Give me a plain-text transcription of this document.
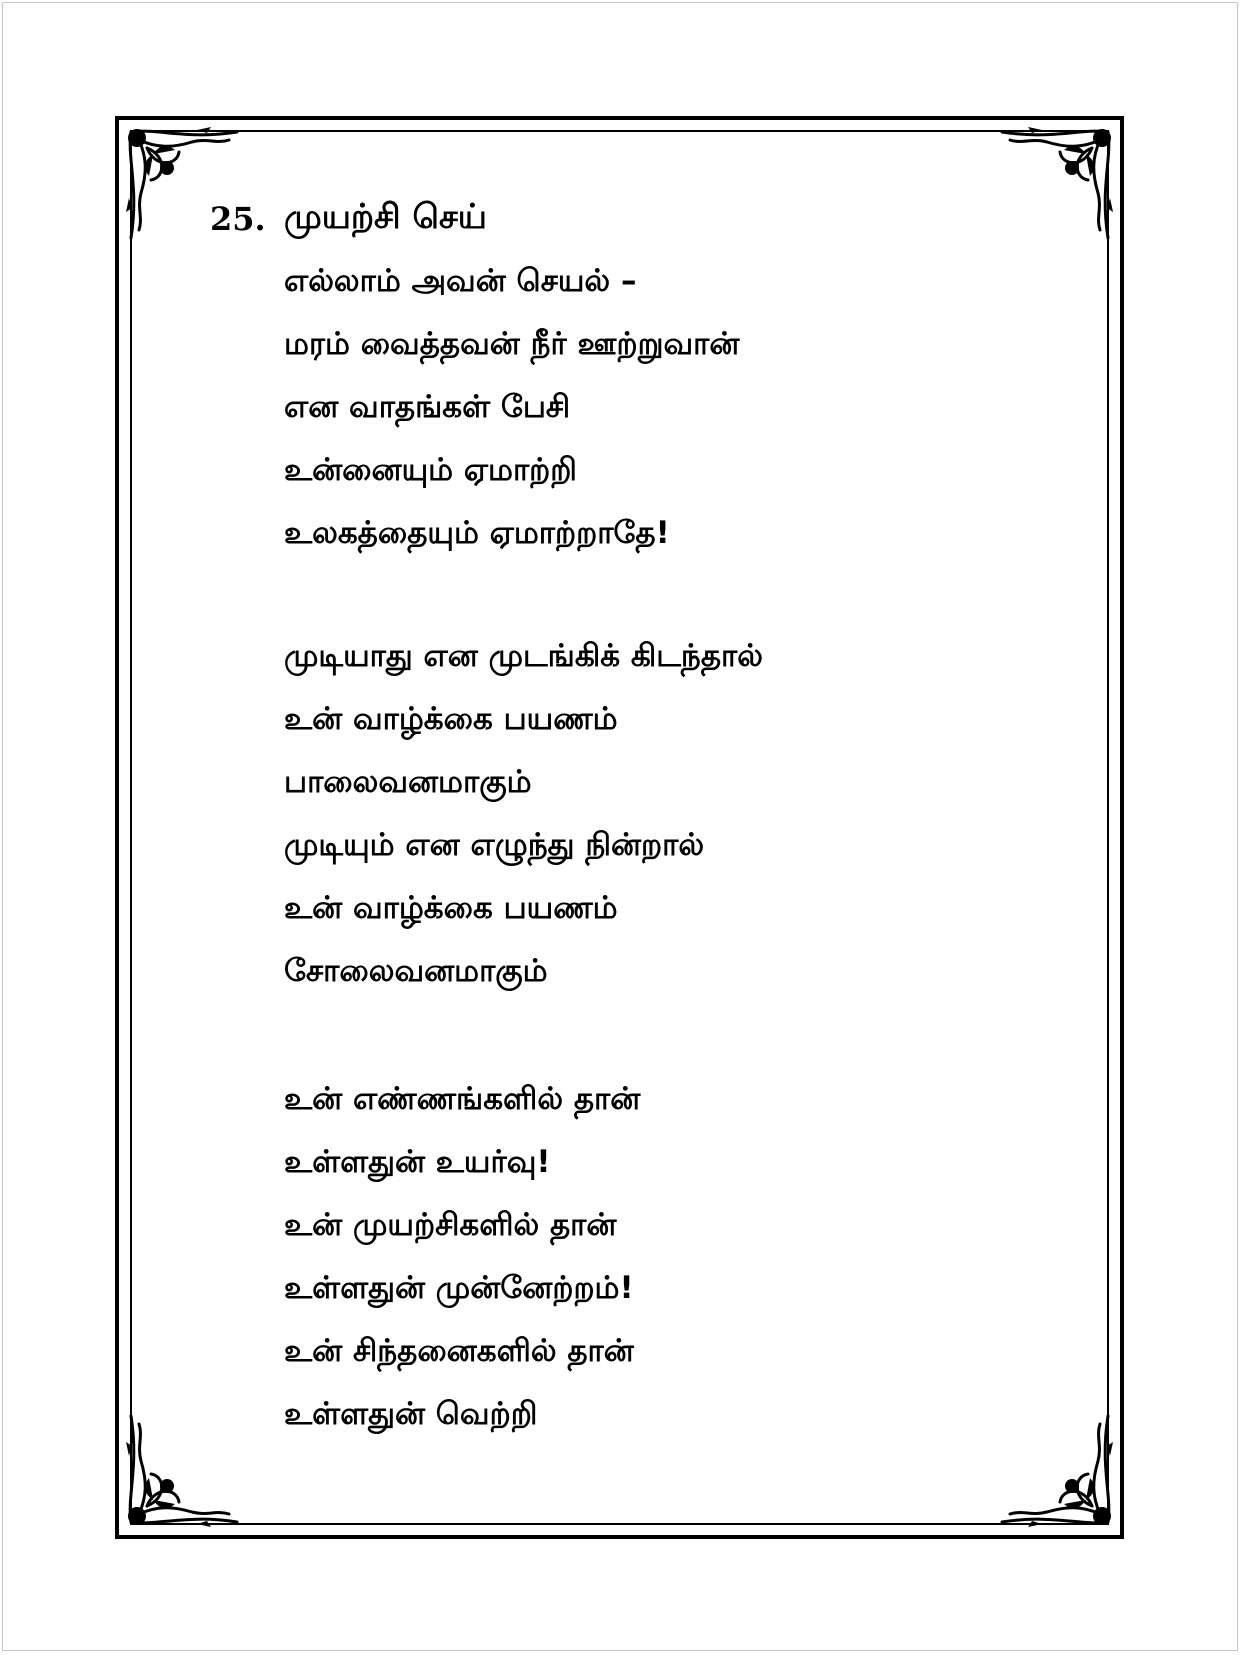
25. முயற்சி செய்
எல்லாம் அவன் செயல் –
மரம் வைத்தவன் நீர் ஊற்றுவான்
என வாதங்கள் பேசி
உன்னையும் ஏமாற்றி
உலகத்தையும் ஏமாற்றாதே!
முடியாது என முடங்கிக் கிடந்தால்
உன் வாழ்க்கை பயணம்
பாலைவனமாகும்
முடியும் என எழுந்து நின்றால்
உன் வாழ்க்கை பயணம்
சோலைவனமாகும்
உன் எண்ணங்களில் தான்
உள்ளதுன் உயர்வு!
உன் முயற்சிகளில் தான்
உள்ளதுன் முன்னேற்றம்!
உன் சிந்தனைகளில் தான்
உள்ளதுன் வெற்றி
